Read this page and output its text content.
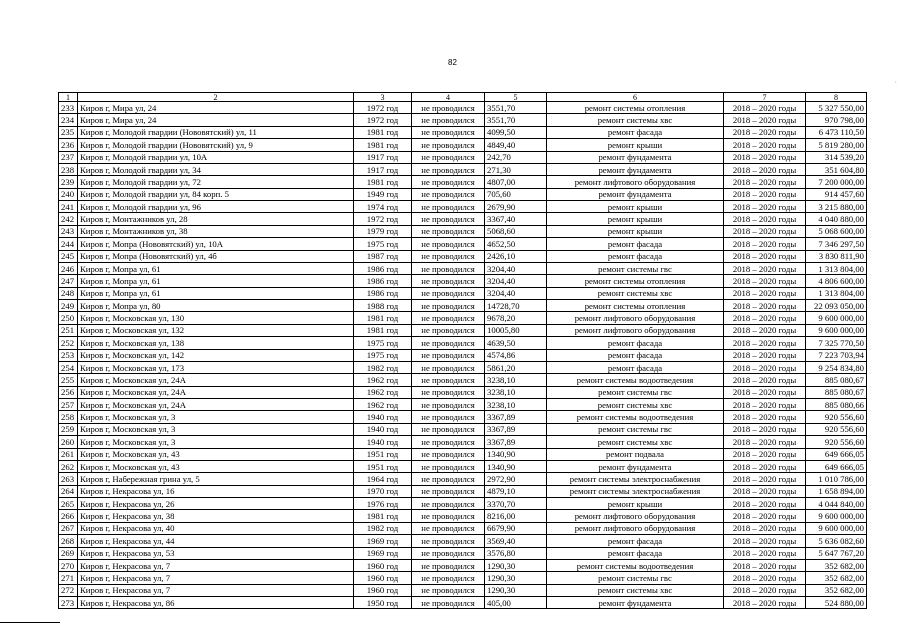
82
·
1	2	3	4	5	6	7	8
233	Киров г, Мира ул, 24	1972 год	не проводился	3551,70	ремонт системы отопления	2018 – 2020 годы	5 327 550,00
234	Киров г, Мира ул, 24	1972 год	не проводился	3551,70	ремонт системы хвс	2018 – 2020 годы	970 798,00
235	Киров г, Молодой гвардии (Нововятский) ул, 11	1981 год	не проводился	4099,50	ремонт фасада	2018 – 2020 годы	6 473 110,50
236	Киров г, Молодой гвардии (Нововятский) ул, 9	1981 год	не проводился	4849,40	ремонт крыши	2018 – 2020 годы	5 819 280,00
237	Киров г, Молодой гвардии ул, 10А	1917 год	не проводился	242,70	ремонт фундамента	2018 – 2020 годы	314 539,20
238	Киров г, Молодой гвардии ул, 34	1917 год	не проводился	271,30	ремонт фундамента	2018 – 2020 годы	351 604,80
239	Киров г, Молодой гвардии ул, 72	1981 год	не проводился	4807,00	ремонт лифтового оборудования	2018 – 2020 годы	7 200 000,00
240	Киров г, Молодой гвардии ул, 84 корп. 5	1949 год	не проводился	705,60	ремонт фундамента	2018 – 2020 годы	914 457,60
241	Киров г, Молодой гвардии ул, 96	1974 год	не проводился	2679,90	ремонт крыши	2018 – 2020 годы	3 215 880,00
242	Киров г, Монтажников ул, 28	1972 год	не проводился	3367,40	ремонт крыши	2018 – 2020 годы	4 040 880,00
243	Киров г, Монтажников ул, 38	1979 год	не проводился	5068,60	ремонт крыши	2018 – 2020 годы	5 068 600,00
244	Киров г, Мопра (Нововятский) ул, 10А	1975 год	не проводился	4652,50	ремонт фасада	2018 – 2020 годы	7 346 297,50
245	Киров г, Мопра (Нововятский) ул, 4б	1987 год	не проводился	2426,10	ремонт фасада	2018 – 2020 годы	3 830 811,90
246	Киров г, Мопра ул, 61	1986 год	не проводился	3204,40	ремонт системы гвс	2018 – 2020 годы	1 313 804,00
247	Киров г, Мопра ул, 61	1986 год	не проводился	3204,40	ремонт системы отопления	2018 – 2020 годы	4 806 600,00
248	Киров г, Мопра ул, 61	1986 год	не проводился	3204,40	ремонт системы хвс	2018 – 2020 годы	1 313 804,00
249	Киров г, Мопра ул, 80	1988 год	не проводился	14728,70	ремонт системы отопления	2018 – 2020 годы	22 093 050,00
250	Киров г, Московская ул, 130	1981 год	не проводился	9678,20	ремонт лифтового оборудования	2018 – 2020 годы	9 600 000,00
251	Киров г, Московская ул, 132	1981 год	не проводился	10005,80	ремонт лифтового оборудования	2018 – 2020 годы	9 600 000,00
252	Киров г, Московская ул, 138	1975 год	не проводился	4639,50	ремонт фасада	2018 – 2020 годы	7 325 770,50
253	Киров г, Московская ул, 142	1975 год	не проводился	4574,86	ремонт фасада	2018 – 2020 годы	7 223 703,94
254	Киров г, Московская ул, 173	1982 год	не проводился	5861,20	ремонт фасада	2018 – 2020 годы	9 254 834,80
255	Киров г, Московская ул, 24А	1962 год	не проводился	3238,10	ремонт системы водоотведения	2018 – 2020 годы	885 080,67
256	Киров г, Московская ул, 24А	1962 год	не проводился	3238,10	ремонт системы гвс	2018 – 2020 годы	885 080,67
257	Киров г, Московская ул, 24А	1962 год	не проводился	3238,10	ремонт системы хвс	2018 – 2020 годы	885 080,66
258	Киров г, Московская ул, 3	1940 год	не проводился	3367,89	ремонт системы водоотведения	2018 – 2020 годы	920 556,60
259	Киров г, Московская ул, 3	1940 год	не проводился	3367,89	ремонт системы гвс	2018 – 2020 годы	920 556,60
260	Киров г, Московская ул, 3	1940 год	не проводился	3367,89	ремонт системы хвс	2018 – 2020 годы	920 556,60
261	Киров г, Московская ул, 43	1951 год	не проводился	1340,90	ремонт подвала	2018 – 2020 годы	649 666,05
262	Киров г, Московская ул, 43	1951 год	не проводился	1340,90	ремонт фундамента	2018 – 2020 годы	649 666,05
263	Киров г, Набережная грина ул, 5	1964 год	не проводился	2972,90	ремонт системы электроснабжения	2018 – 2020 годы	1 010 786,00
264	Киров г, Некрасова ул, 16	1970 год	не проводился	4879,10	ремонт системы электроснабжения	2018 – 2020 годы	1 658 894,00
265	Киров г, Некрасова ул, 26	1976 год	не проводился	3370,70	ремонт крыши	2018 – 2020 годы	4 044 840,00
266	Киров г, Некрасова ул, 38	1981 год	не проводился	8216,00	ремонт лифтового оборудования	2018 – 2020 годы	9 600 000,00
267	Киров г, Некрасова ул, 40	1982 год	не проводился	6679,90	ремонт лифтового оборудования	2018 – 2020 годы	9 600 000,00
268	Киров г, Некрасова ул, 44	1969 год	не проводился	3569,40	ремонт фасада	2018 – 2020 годы	5 636 082,60
269	Киров г, Некрасова ул, 53	1969 год	не проводился	3576,80	ремонт фасада	2018 – 2020 годы	5 647 767,20
270	Киров г, Некрасова ул, 7	1960 год	не проводился	1290,30	ремонт системы водоотведения	2018 – 2020 годы	352 682,00
271	Киров г, Некрасова ул, 7	1960 год	не проводился	1290,30	ремонт системы гвс	2018 – 2020 годы	352 682,00
272	Киров г, Некрасова ул, 7	1960 год	не проводился	1290,30	ремонт системы хвс	2018 – 2020 годы	352 682,00
273	Киров г, Некрасова ул, 86	1950 год	не проводился	405,00	ремонт фундамента	2018 – 2020 годы	524 880,00
